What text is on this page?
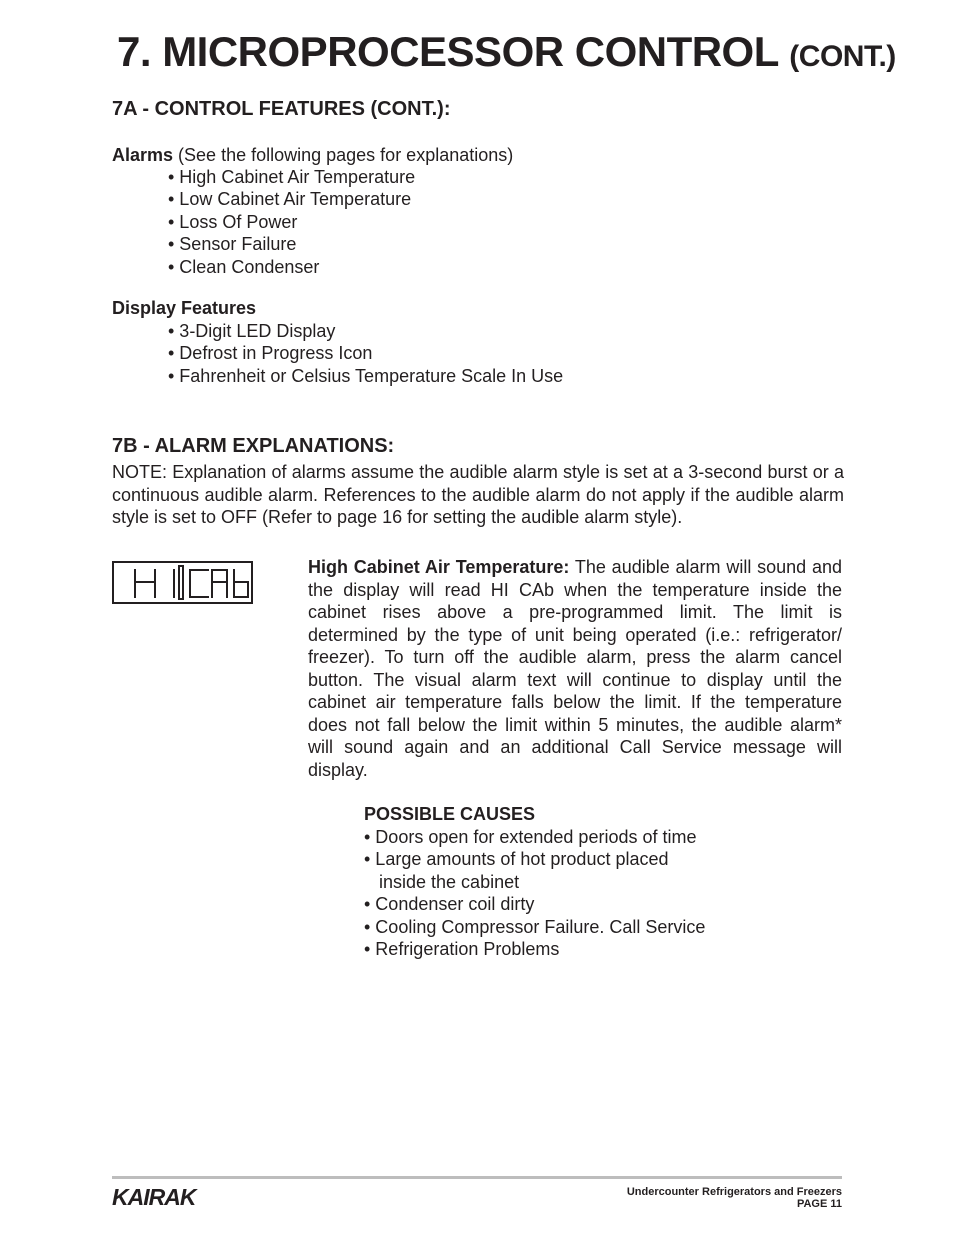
7. MICROPROCESSOR CONTROL (CONT.)
7A - CONTROL FEATURES (CONT.):
Alarms (See the following pages for explanations)
• High Cabinet Air Temperature
• Low Cabinet Air Temperature
• Loss Of Power
• Sensor Failure
• Clean Condenser
Display Features
• 3-Digit LED Display
• Defrost in Progress Icon
• Fahrenheit or Celsius Temperature Scale In Use
7B - ALARM EXPLANATIONS:
NOTE: Explanation of alarms assume the audible alarm style is set at a 3-second burst or a continuous audible alarm. References to the audible alarm do not apply if the audible alarm style is set to OFF (Refer to page 16 for setting the audible alarm style).
High Cabinet Air Temperature: The audible alarm will sound and the display will read HI CAb when the temperature inside the cabinet rises above a pre-programmed limit. The limit is determined by the type of unit being operated (i.e.: refrigerator/ freezer). To turn off the audible alarm, press the alarm cancel button. The visual alarm text will continue to display until the cabinet air temperature falls below the limit. If the temperature does not fall below the limit within 5 minutes, the audible alarm* will sound again and an additional Call Service message will display.
POSSIBLE CAUSES
• Doors open for extended periods of time
• Large amounts of hot product placed
inside the cabinet
• Condenser coil dirty
• Cooling Compressor Failure. Call Service
• Refrigeration Problems
KAIRAK	Undercounter Refrigerators and Freezers
PAGE 11
